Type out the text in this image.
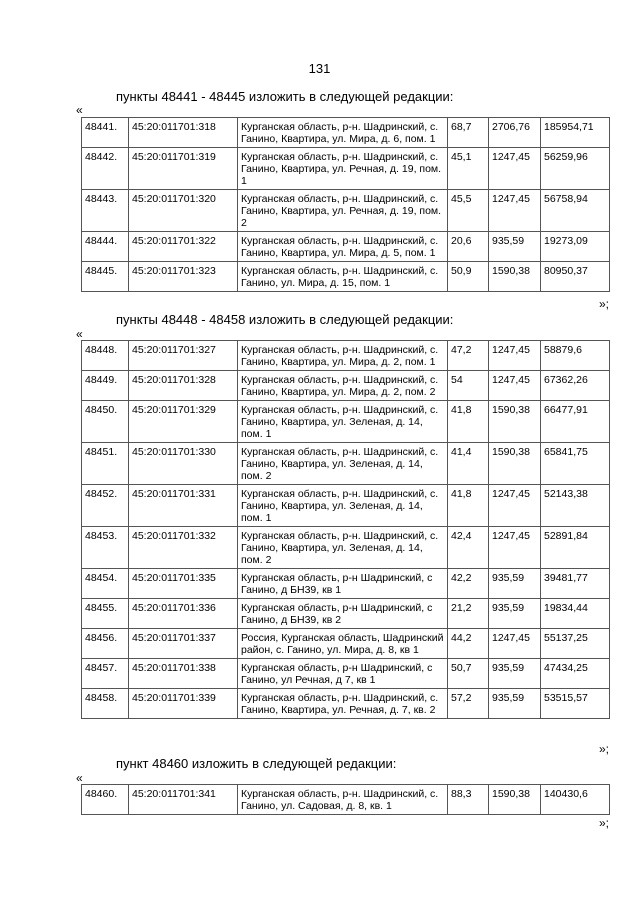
131
пункты 48441 - 48445 изложить в следующей редакции:
«
48441.	45:20:011701:318	Курганская область, р-н. Шадринский, с. Ганино, Квартира, ул. Мира, д. 6, пом. 1	68,7	2706,76	185954,71
48442.	45:20:011701:319	Курганская область, р-н. Шадринский, с. Ганино, Квартира, ул. Речная, д. 19, пом. 1	45,1	1247,45	56259,96
48443.	45:20:011701:320	Курганская область, р-н. Шадринский, с. Ганино, Квартира, ул. Речная, д. 19, пом. 2	45,5	1247,45	56758,94
48444.	45:20:011701:322	Курганская область, р-н. Шадринский, с. Ганино, Квартира, ул. Мира, д. 5, пом. 1	20,6	935,59	19273,09
48445.	45:20:011701:323	Курганская область, р-н. Шадринский, с. Ганино, ул. Мира, д. 15, пом. 1	50,9	1590,38	80950,37
»;
пункты 48448 - 48458 изложить в следующей редакции:
«
48448.	45:20:011701:327	Курганская область, р-н. Шадринский, с. Ганино, Квартира, ул. Мира, д. 2, пом. 1	47,2	1247,45	58879,6
48449.	45:20:011701:328	Курганская область, р-н. Шадринский, с. Ганино, Квартира, ул. Мира, д. 2, пом. 2	54	1247,45	67362,26
48450.	45:20:011701:329	Курганская область, р-н. Шадринский, с. Ганино, Квартира, ул. Зеленая, д. 14, пом. 1	41,8	1590,38	66477,91
48451.	45:20:011701:330	Курганская область, р-н. Шадринский, с. Ганино, Квартира, ул. Зеленая, д. 14, пом. 2	41,4	1590,38	65841,75
48452.	45:20:011701:331	Курганская область, р-н. Шадринский, с. Ганино, Квартира, ул. Зеленая, д. 14, пом. 1	41,8	1247,45	52143,38
48453.	45:20:011701:332	Курганская область, р-н. Шадринский, с. Ганино, Квартира, ул. Зеленая, д. 14, пом. 2	42,4	1247,45	52891,84
48454.	45:20:011701:335	Курганская область, р-н Шадринский, с Ганино, д БН39, кв 1	42,2	935,59	39481,77
48455.	45:20:011701:336	Курганская область, р-н Шадринский, с Ганино, д БН39, кв 2	21,2	935,59	19834,44
48456.	45:20:011701:337	Россия, Курганская область, Шадринский район, с. Ганино, ул. Мира, д. 8, кв 1	44,2	1247,45	55137,25
48457.	45:20:011701:338	Курганская область, р-н Шадринский, с Ганино, ул Речная, д 7, кв 1	50,7	935,59	47434,25
48458.	45:20:011701:339	Курганская область, р-н. Шадринский, с. Ганино, Квартира, ул. Речная, д. 7, кв. 2	57,2	935,59	53515,57
»;
пункт 48460 изложить в следующей редакции:
«
48460.	45:20:011701:341	Курганская область, р-н. Шадринский, с. Ганино, ул. Садовая, д. 8, кв. 1	88,3	1590,38	140430,6
»;
